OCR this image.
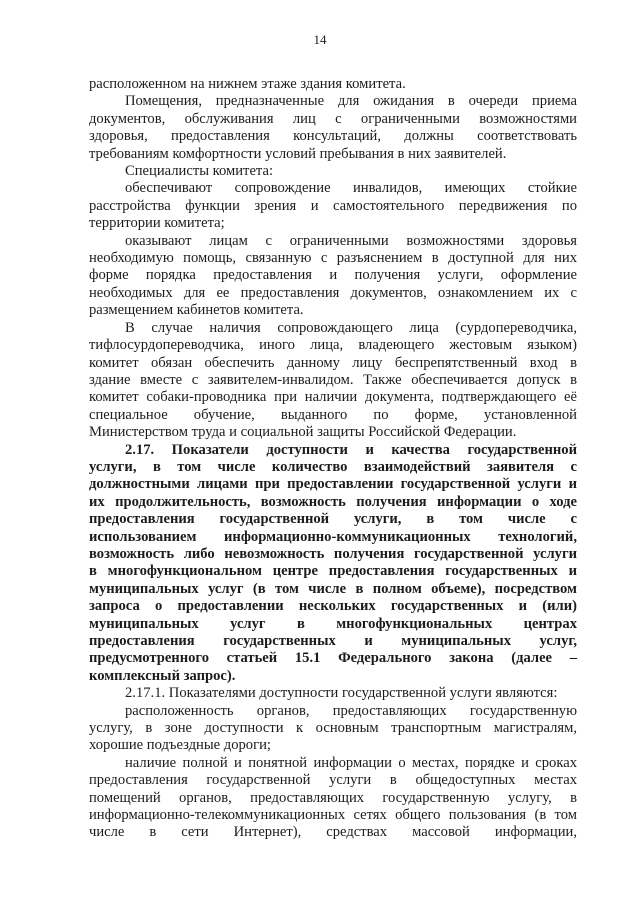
14

расположенном на нижнем этаже здания комитета.

Помещения, предназначенные для ожидания в очереди приема

документов, обслуживания лиц с ограниченными возможностями

здоровья, предоставления консультаций, должны соответствовать

требованиям комфортности условий пребывания в них заявителей.

Специалисты комитета:

обеспечивают сопровождение инвалидов, имеющих стойкие

расстройства функции зрения и самостоятельного передвижения по

территории комитета;

оказывают лицам с ограниченными возможностями здоровья

необходимую помощь, связанную с разъяснением в доступной для них

форме порядка предоставления и получения услуги, оформление

необходимых для ее предоставления документов, ознакомлением их с

размещением кабинетов комитета.

В случае наличия сопровождающего лица (сурдопереводчика,

тифлосурдопереводчика, иного лица, владеющего жестовым языком)

комитет обязан обеспечить данному лицу беспрепятственный вход в

здание вместе с заявителем-инвалидом. Также обеспечивается допуск в

комитет собаки-проводника при наличии документа, подтверждающего её

специальное обучение, выданного по форме, установленной

Министерством труда и социальной защиты Российской Федерации.

2.17. Показатели доступности и качества государственной

услуги, в том числе количество взаимодействий заявителя с

должностными лицами при предоставлении государственной услуги и

их продолжительность, возможность получения информации о ходе

предоставления государственной услуги, в том числе с

использованием информационно-коммуникационных технологий,

возможность либо невозможность получения государственной услуги

в многофункциональном центре предоставления государственных и

муниципальных услуг (в том числе в полном объеме), посредством

запроса о предоставлении нескольких государственных и (или)

муниципальных услуг в многофункциональных центрах

предоставления государственных и муниципальных услуг,

предусмотренного статьей 15.1 Федерального закона (далее –

комплексный запрос).

2.17.1. Показателями доступности государственной услуги являются:

расположенность органов, предоставляющих государственную

услугу, в зоне доступности к основным транспортным магистралям,

хорошие подъездные дороги;

наличие полной и понятной информации о местах, порядке и сроках

предоставления государственной услуги в общедоступных местах

помещений органов, предоставляющих государственную услугу, в

информационно-телекоммуникационных сетях общего пользования (в том

числе в сети Интернет), средствах массовой информации,
